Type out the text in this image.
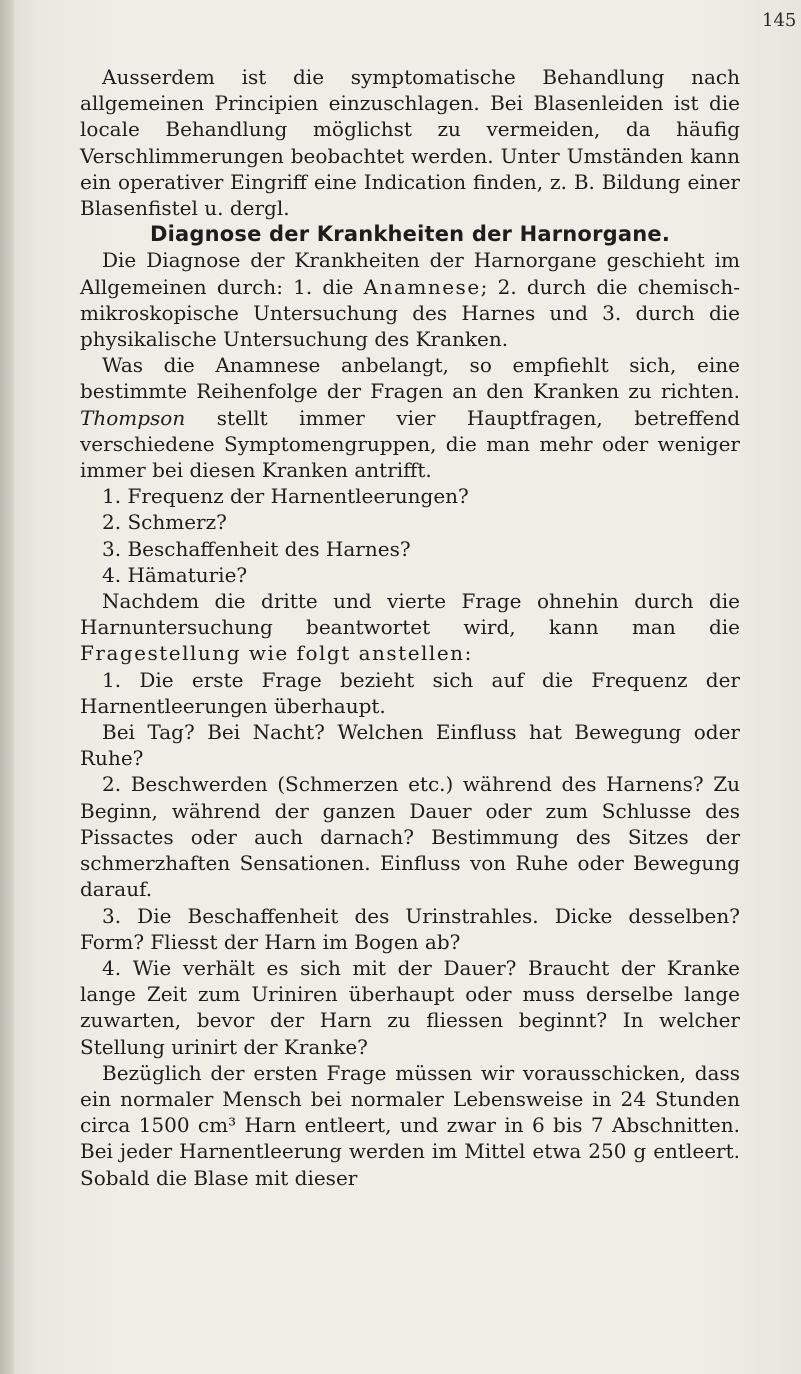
145

Ausserdem ist die symptomatische Behandlung nach allgemeinen Principien einzuschlagen. Bei Blasenleiden ist die locale Behandlung möglichst zu vermeiden, da häufig Verschlimmerungen beobachtet werden. Unter Umständen kann ein operativer Eingriff eine Indication finden, z. B. Bildung einer Blasenfistel u. dergl.

Diagnose der Krankheiten der Harnorgane.

Die Diagnose der Krankheiten der Harnorgane geschieht im Allgemeinen durch: 1. die Anamnese; 2. durch die chemisch-mikroskopische Untersuchung des Harnes und 3. durch die physikalische Untersuchung des Kranken.

Was die Anamnese anbelangt, so empfiehlt sich, eine bestimmte Reihenfolge der Fragen an den Kranken zu richten. Thompson stellt immer vier Hauptfragen, betreffend verschiedene Symptomengruppen, die man mehr oder weniger immer bei diesen Kranken antrifft.

1. Frequenz der Harnentleerungen?

2. Schmerz?

3. Beschaffenheit des Harnes?

4. Hämaturie?

Nachdem die dritte und vierte Frage ohnehin durch die Harnuntersuchung beantwortet wird, kann man die Fragestellung wie folgt anstellen:

1. Die erste Frage bezieht sich auf die Frequenz der Harnentleerungen überhaupt.

Bei Tag? Bei Nacht? Welchen Einfluss hat Bewegung oder Ruhe?

2. Beschwerden (Schmerzen etc.) während des Harnens? Zu Beginn, während der ganzen Dauer oder zum Schlusse des Pissactes oder auch darnach? Bestimmung des Sitzes der schmerzhaften Sensationen. Einfluss von Ruhe oder Bewegung darauf.

3. Die Beschaffenheit des Urinstrahles. Dicke desselben? Form? Fliesst der Harn im Bogen ab?

4. Wie verhält es sich mit der Dauer? Braucht der Kranke lange Zeit zum Uriniren überhaupt oder muss derselbe lange zuwarten, bevor der Harn zu fliessen beginnt? In welcher Stellung urinirt der Kranke?

Bezüglich der ersten Frage müssen wir vorausschicken, dass ein normaler Mensch bei normaler Lebensweise in 24 Stunden circa 1500 cm³ Harn entleert, und zwar in 6 bis 7 Abschnitten. Bei jeder Harnentleerung werden im Mittel etwa 250 g entleert. Sobald die Blase mit dieser
